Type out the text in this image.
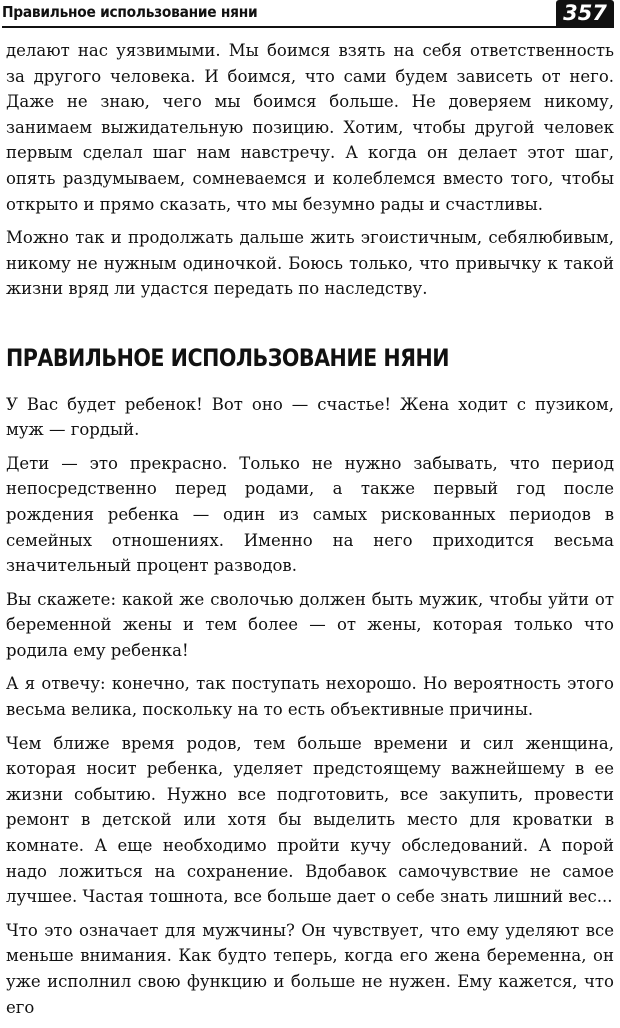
Правильное использование няни	357

делают нас уязвимыми. Мы боимся взять на себя ответственность за другого человека. И боимся, что сами будем зависеть от него. Даже не знаю, чего мы боимся больше. Не доверяем никому, занимаем выжидательную позицию. Хотим, чтобы другой человек первым сделал шаг нам навстречу. А когда он делает этот шаг, опять раздумываем, сомневаемся и колеблемся вместо того, чтобы открыто и прямо сказать, что мы безумно рады и счастливы.

Можно так и продолжать дальше жить эгоистичным, себялюбивым, никому не нужным одиночкой. Боюсь только, что привычку к такой жизни вряд ли удастся передать по наследству.

ПРАВИЛЬНОЕ ИСПОЛЬЗОВАНИЕ НЯНИ

У Вас будет ребенок! Вот оно — счастье! Жена ходит с пузиком, муж — гордый.

Дети — это прекрасно. Только не нужно забывать, что период непосредственно перед родами, а также первый год после рождения ребенка — один из самых рискованных периодов в семейных отношениях. Именно на него приходится весьма значительный процент разводов.

Вы скажете: какой же сволочью должен быть мужик, чтобы уйти от беременной жены и тем более — от жены, которая только что родила ему ребенка!

А я отвечу: конечно, так поступать нехорошо. Но вероятность этого весьма велика, поскольку на то есть объективные причины.

Чем ближе время родов, тем больше времени и сил женщина, которая носит ребенка, уделяет предстоящему важнейшему в ее жизни событию. Нужно все подготовить, все закупить, провести ремонт в детской или хотя бы выделить место для кроватки в комнате. А еще необходимо пройти кучу обследований. А порой надо ложиться на сохранение. Вдобавок самочувствие не самое лучшее. Частая тошнота, все больше дает о себе знать лишний вес...

Что это означает для мужчины? Он чувствует, что ему уделяют все меньше внимания. Как будто теперь, когда его жена беременна, он уже исполнил свою функцию и больше не нужен. Ему кажется, что его
